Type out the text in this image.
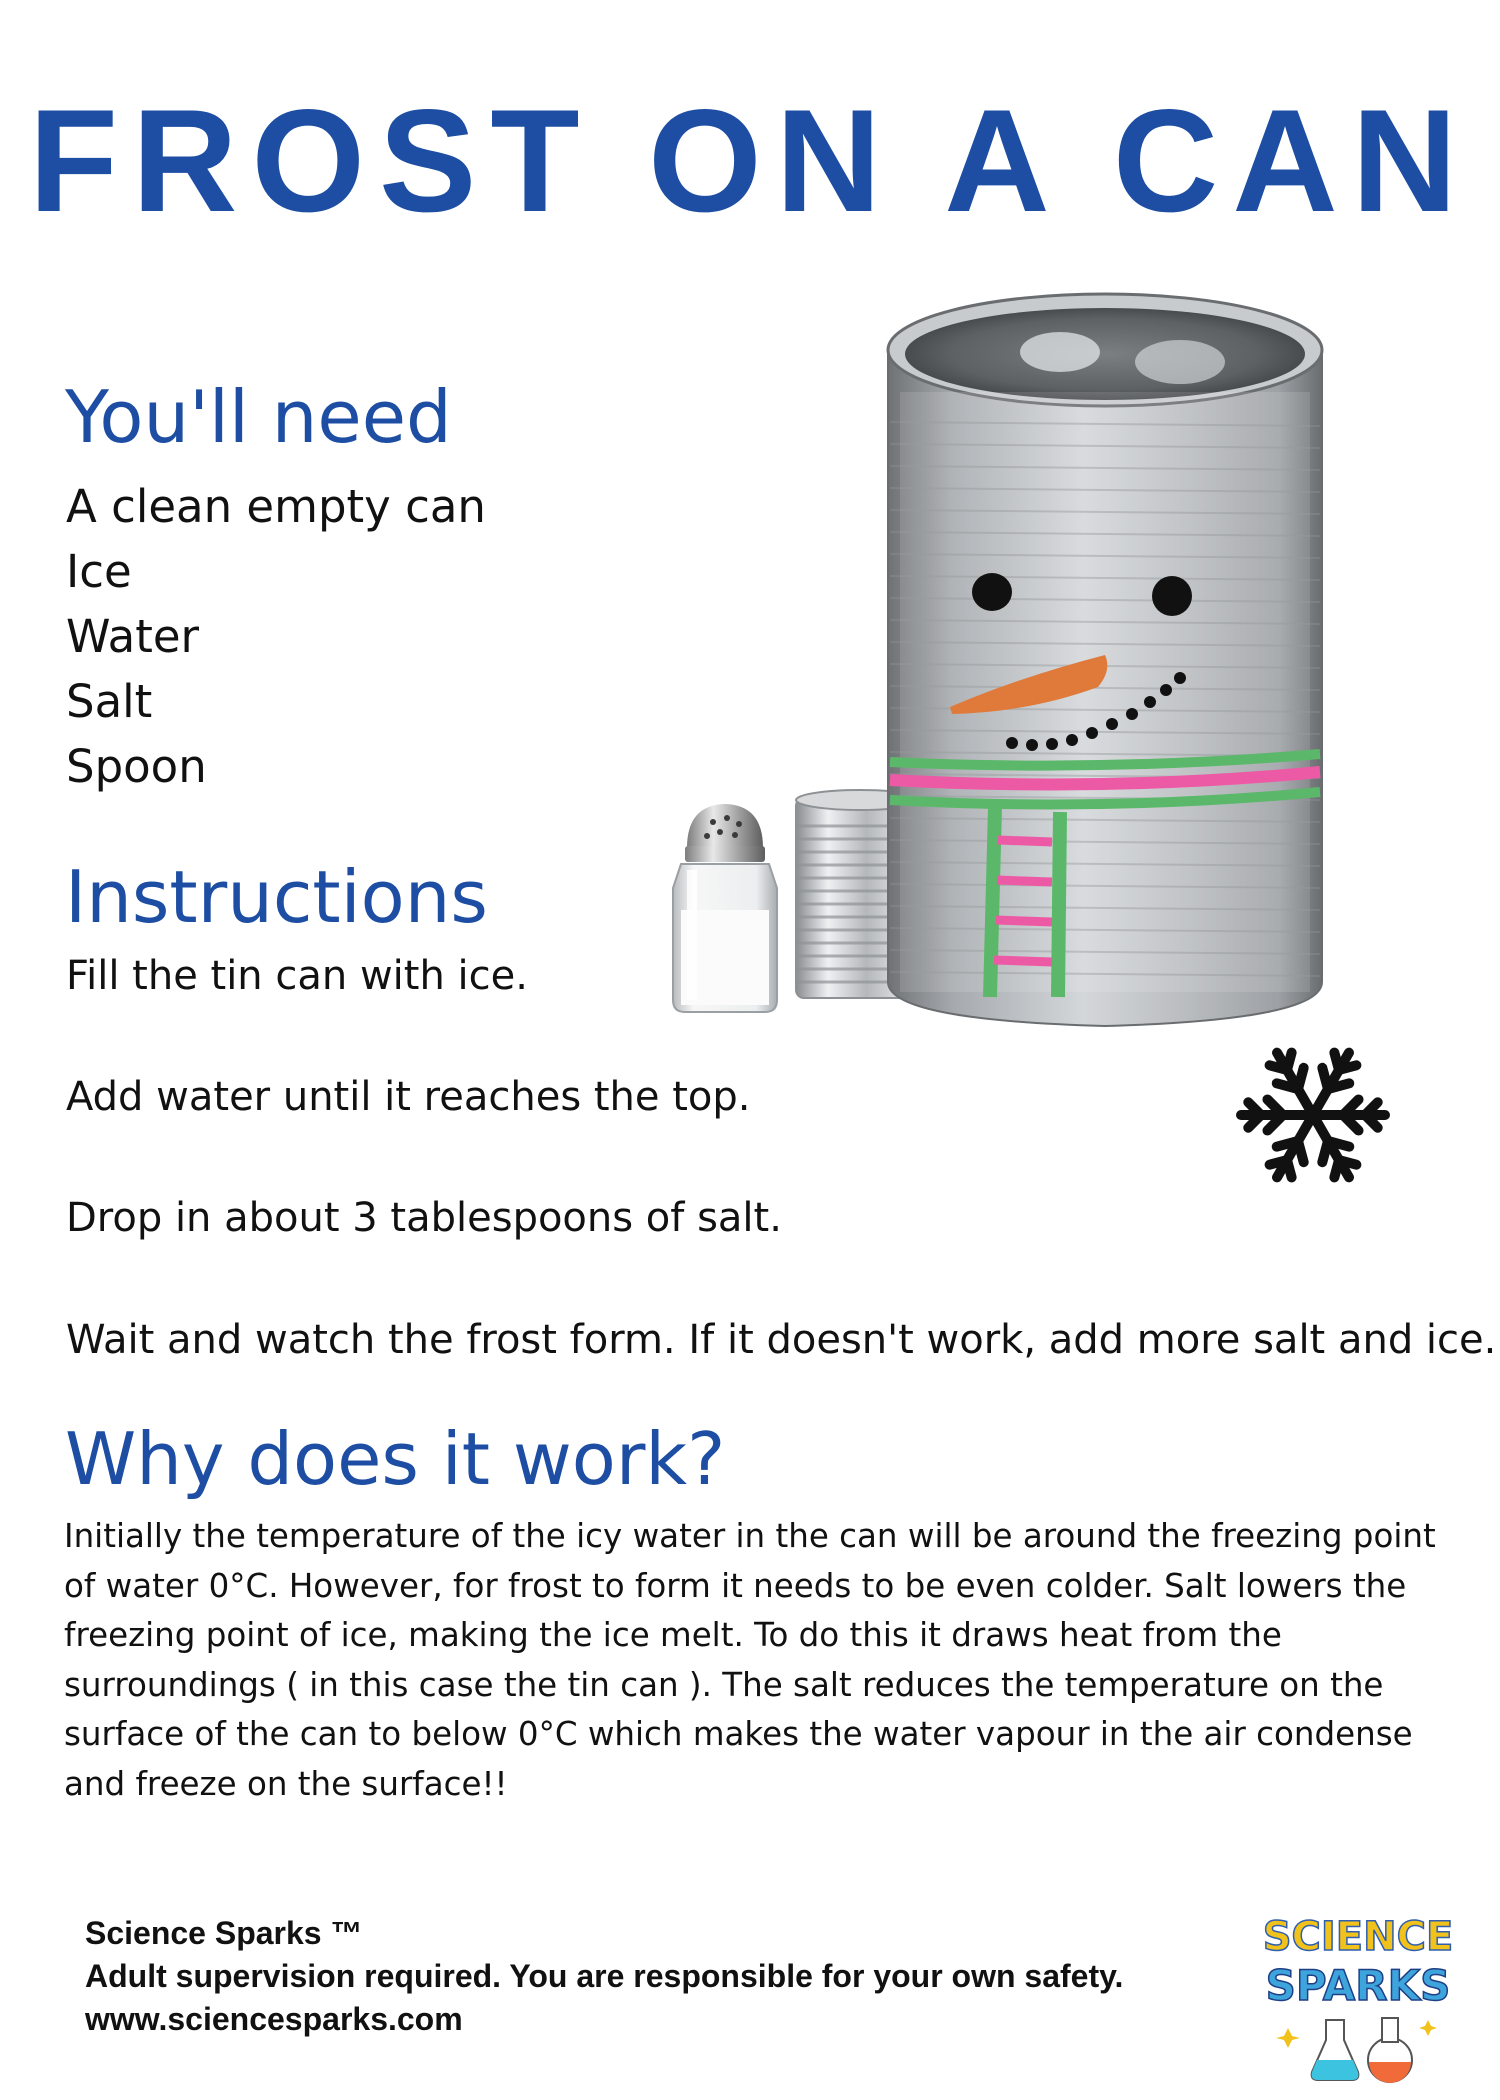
FROST ON A CAN
You'll need
A clean empty can
Ice
Water
Salt
Spoon
Instructions
Fill the tin can with ice.
Add water until it reaches the top.
Drop in about 3 tablespoons of salt.
Wait and watch the frost form. If it doesn't work, add more salt and ice.
Why does it work?
Initially the temperature of the icy water in the can will be around the freezing point
of water 0°C. However, for frost to form it needs to be even colder. Salt lowers the
freezing point of ice, making the ice melt. To do this it draws heat from the
surroundings ( in this case the tin can ). The salt reduces the temperature on the
surface of the can to below 0°C which makes the water vapour in the air condense
and freeze on the surface!!
Science Sparks ™
Adult supervision required. You are responsible for your own safety.
www.sciencesparks.com
SCIENCE
SPARKS
